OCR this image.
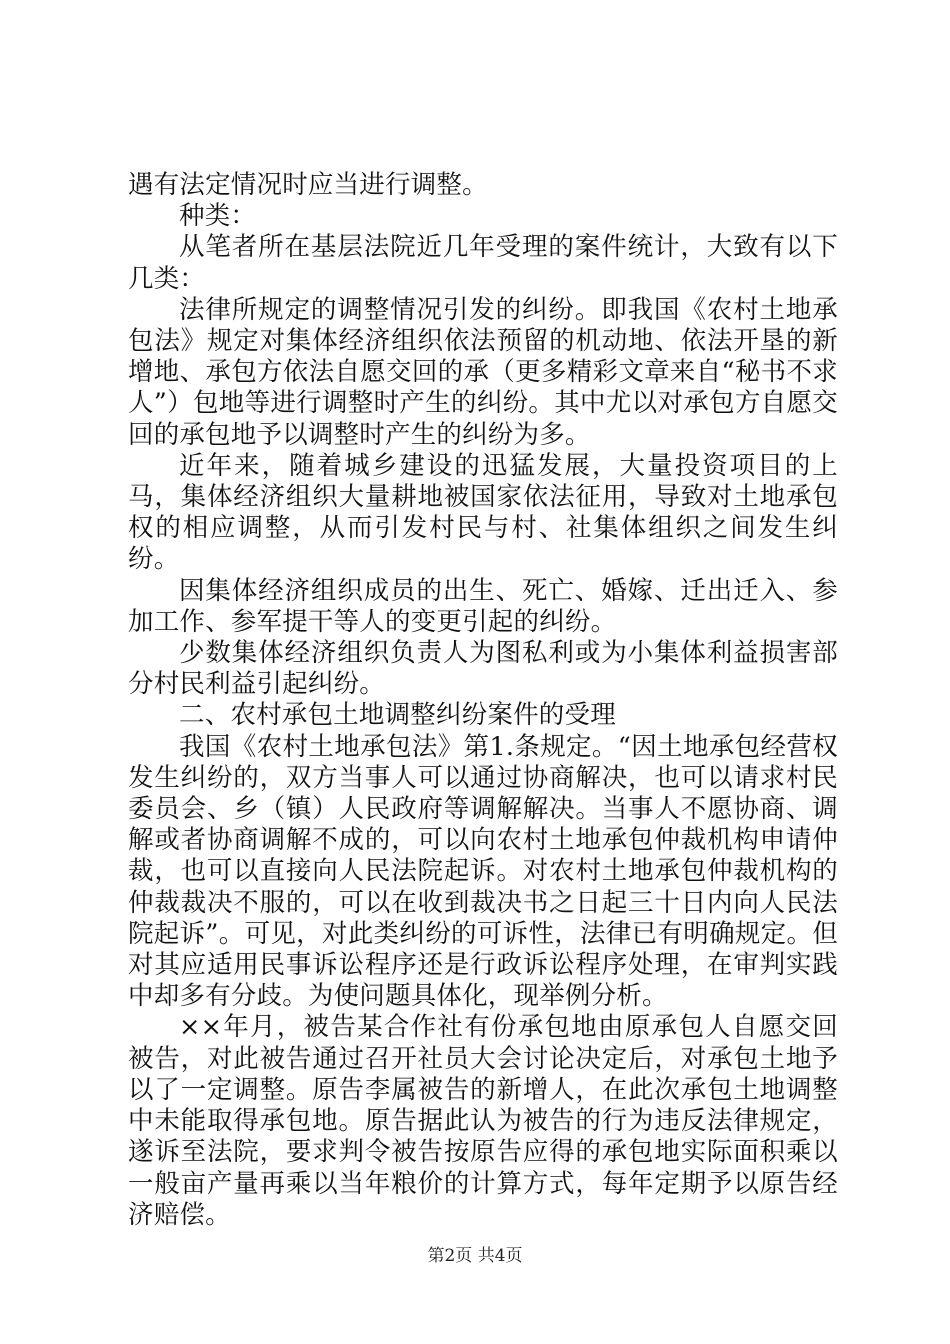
遇有法定情况时应当进行调整。

种类：

从笔者所在基层法院近几年受理的案件统计，大致有以下几类：

法律所规定的调整情况引发的纠纷。即我国《农村土地承包法》规定对集体经济组织依法预留的机动地、依法开垦的新增地、承包方依法自愿交回的承（更多精彩文章来自“秘书不求人”）包地等进行调整时产生的纠纷。其中尤以对承包方自愿交回的承包地予以调整时产生的纠纷为多。

近年来，随着城乡建设的迅猛发展，大量投资项目的上马，集体经济组织大量耕地被国家依法征用，导致对土地承包权的相应调整，从而引发村民与村、社集体组织之间发生纠纷。

因集体经济组织成员的出生、死亡、婚嫁、迁出迁入、参加工作、参军提干等人的变更引起的纠纷。

少数集体经济组织负责人为图私利或为小集体利益损害部分村民利益引起纠纷。

二、农村承包土地调整纠纷案件的受理

我国《农村土地承包法》第1.条规定。“因土地承包经营权发生纠纷的，双方当事人可以通过协商解决，也可以请求村民委员会、乡（镇）人民政府等调解解决。当事人不愿协商、调解或者协商调解不成的，可以向农村土地承包仲裁机构申请仲裁，也可以直接向人民法院起诉。对农村土地承包仲裁机构的仲裁裁决不服的，可以在收到裁决书之日起三十日内向人民法院起诉”。可见，对此类纠纷的可诉性，法律已有明确规定。但对其应适用民事诉讼程序还是行政诉讼程序处理，在审判实践中却多有分歧。为使问题具体化，现举例分析。

××年月，被告某合作社有份承包地由原承包人自愿交回被告，对此被告通过召开社员大会讨论决定后，对承包土地予以了一定调整。原告李属被告的新增人，在此次承包土地调整中未能取得承包地。原告据此认为被告的行为违反法律规定，遂诉至法院，要求判令被告按原告应得的承包地实际面积乘以一般亩产量再乘以当年粮价的计算方式，每年定期予以原告经济赔偿。

第2页 共4页
